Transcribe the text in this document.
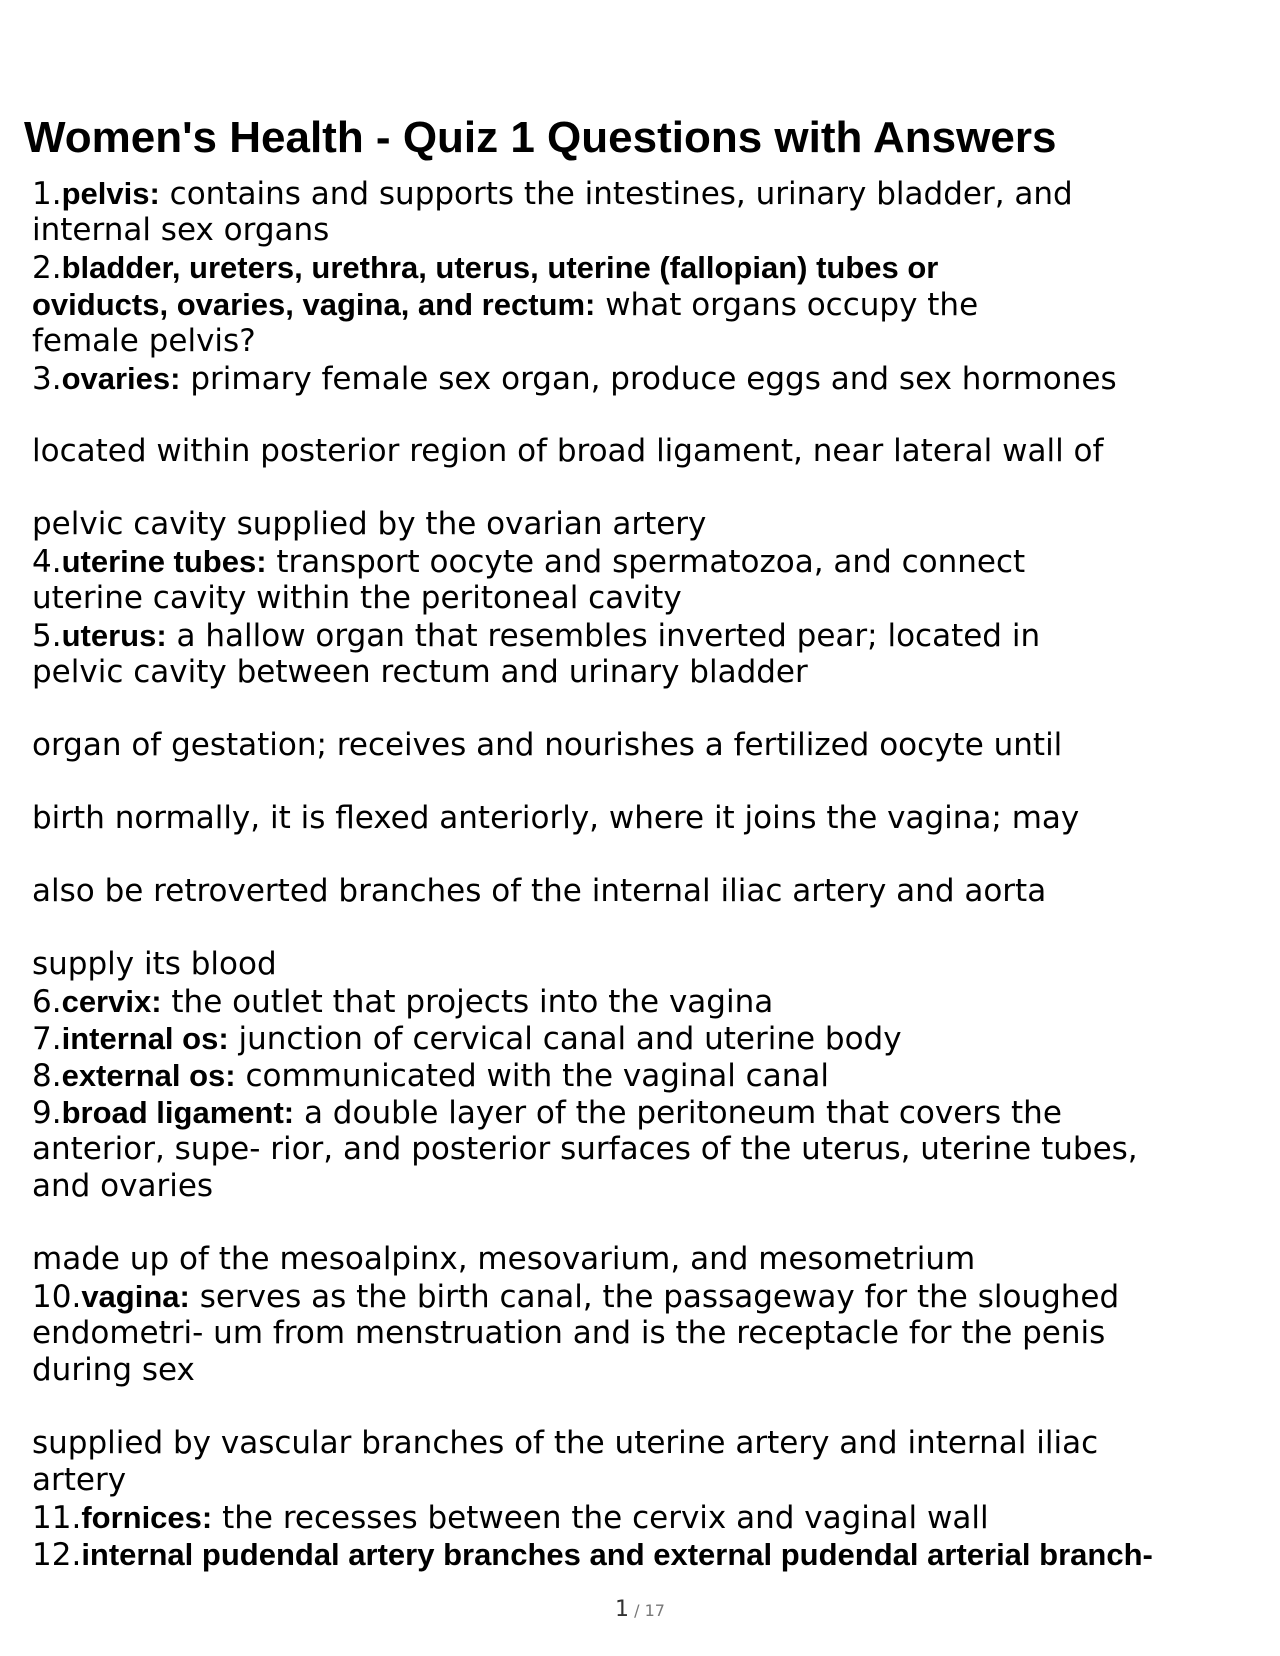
Women's Health - Quiz 1 Questions with Answers
1.pelvis: contains and supports the intestines, urinary bladder, and
internal sex organs
2.bladder, ureters, urethra, uterus, uterine (fallopian) tubes or
oviducts, ovaries, vagina, and rectum: what organs occupy the
female pelvis?
3.ovaries: primary female sex organ, produce eggs and sex hormones
located within posterior region of broad ligament, near lateral wall of
pelvic cavity supplied by the ovarian artery
4.uterine tubes: transport oocyte and spermatozoa, and connect
uterine cavity within the peritoneal cavity
5.uterus: a hallow organ that resembles inverted pear; located in
pelvic cavity between rectum and urinary bladder
organ of gestation; receives and nourishes a fertilized oocyte until
birth normally, it is flexed anteriorly, where it joins the vagina; may
also be retroverted branches of the internal iliac artery and aorta
supply its blood
6.cervix: the outlet that projects into the vagina
7.internal os: junction of cervical canal and uterine body
8.external os: communicated with the vaginal canal
9.broad ligament: a double layer of the peritoneum that covers the
anterior, supe- rior, and posterior surfaces of the uterus, uterine tubes,
and ovaries
made up of the mesoalpinx, mesovarium, and mesometrium
10.vagina: serves as the birth canal, the passageway for the sloughed
endometri- um from menstruation and is the receptacle for the penis
during sex
supplied by vascular branches of the uterine artery and internal iliac
artery
11.fornices: the recesses between the cervix and vaginal wall
12.internal pudendal artery branches and external pudendal arterial branch-
1 / 17
